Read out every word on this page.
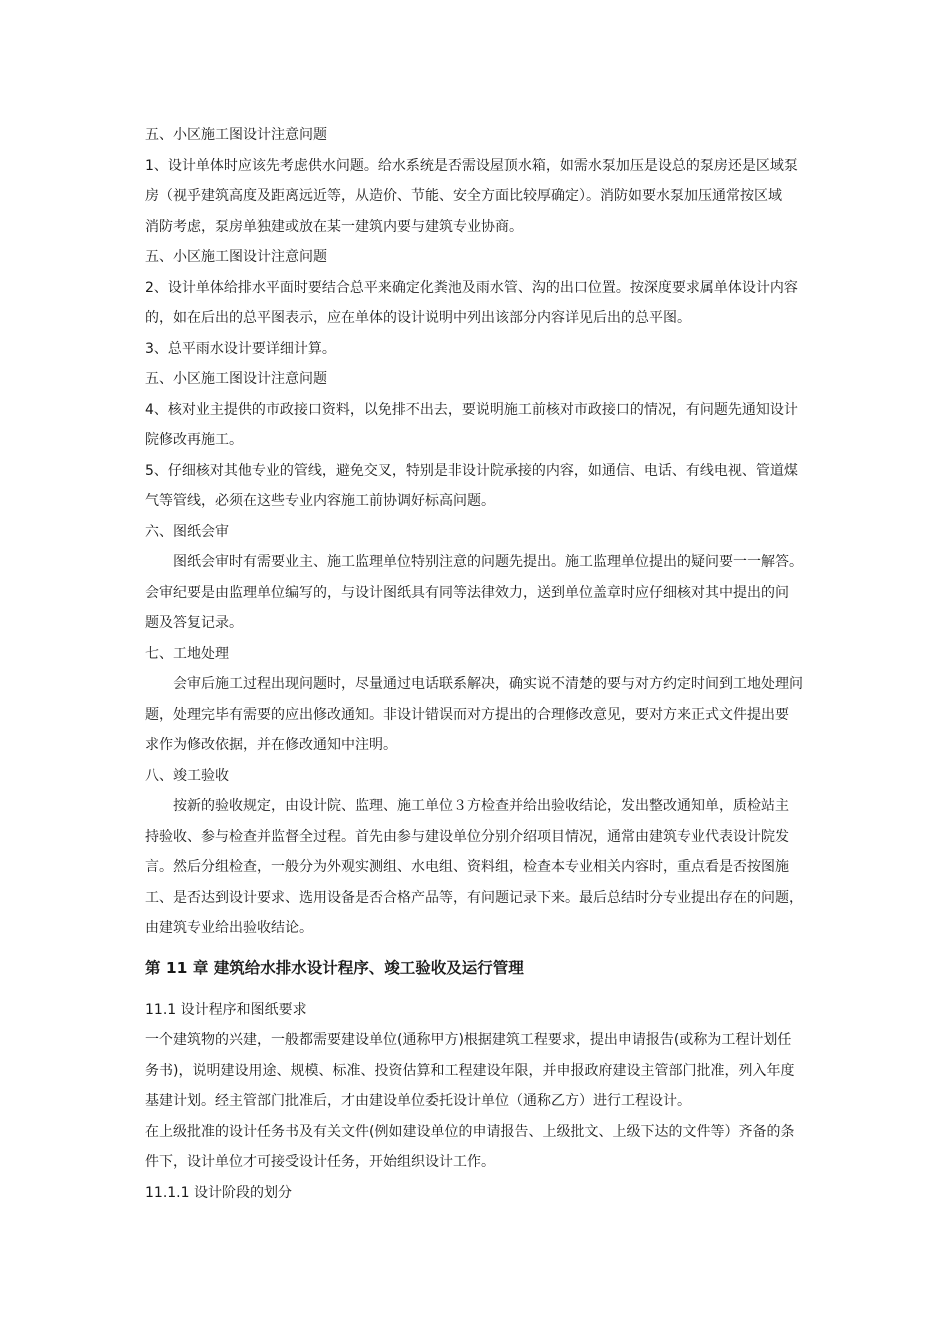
五、小区施工图设计注意问题

1、设计单体时应该先考虑供水问题。给水系统是否需设屋顶水箱，如需水泵加压是设总的泵房还是区域泵

房（视乎建筑高度及距离远近等，从造价、节能、安全方面比较厚确定）。消防如要水泵加压通常按区域

消防考虑，泵房单独建或放在某一建筑内要与建筑专业协商。

五、小区施工图设计注意问题

2、设计单体给排水平面时要结合总平来确定化粪池及雨水管、沟的出口位置。按深度要求属单体设计内容

的，如在后出的总平图表示，应在单体的设计说明中列出该部分内容详见后出的总平图。

3、总平雨水设计要详细计算。

五、小区施工图设计注意问题

4、核对业主提供的市政接口资料，以免排不出去，要说明施工前核对市政接口的情况，有问题先通知设计

院修改再施工。

5、仔细核对其他专业的管线，避免交叉，特别是非设计院承接的内容，如通信、电话、有线电视、管道煤

气等管线，必须在这些专业内容施工前协调好标高问题。

六、图纸会审

图纸会审时有需要业主、施工监理单位特别注意的问题先提出。施工监理单位提出的疑问要一一解答。

会审纪要是由监理单位编写的，与设计图纸具有同等法律效力，送到单位盖章时应仔细核对其中提出的问

题及答复记录。

七、工地处理

会审后施工过程出现问题时，尽量通过电话联系解决，确实说不清楚的要与对方约定时间到工地处理问

题，处理完毕有需要的应出修改通知。非设计错误而对方提出的合理修改意见，要对方来正式文件提出要

求作为修改依据，并在修改通知中注明。

八、竣工验收

按新的验收规定，由设计院、监理、施工单位３方检查并给出验收结论，发出整改通知单，质检站主

持验收、参与检查并监督全过程。首先由参与建设单位分别介绍项目情况，通常由建筑专业代表设计院发

言。然后分组检查，一般分为外观实测组、水电组、资料组，检查本专业相关内容时，重点看是否按图施

工、是否达到设计要求、选用设备是否合格产品等，有问题记录下来。最后总结时分专业提出存在的问题，

由建筑专业给出验收结论。

第 11 章 建筑给水排水设计程序、竣工验收及运行管理

11.1 设计程序和图纸要求

一个建筑物的兴建，一般都需要建设单位(通称甲方)根据建筑工程要求，提出申请报告(或称为工程计划任

务书)，说明建设用途、规模、标准、投资估算和工程建设年限，并申报政府建设主管部门批准，列入年度

基建计划。经主管部门批准后，才由建设单位委托设计单位（通称乙方）进行工程设计。

在上级批准的设计任务书及有关文件(例如建设单位的申请报告、上级批文、上级下达的文件等）齐备的条

件下，设计单位才可接受设计任务，开始组织设计工作。

11.1.1 设计阶段的划分
